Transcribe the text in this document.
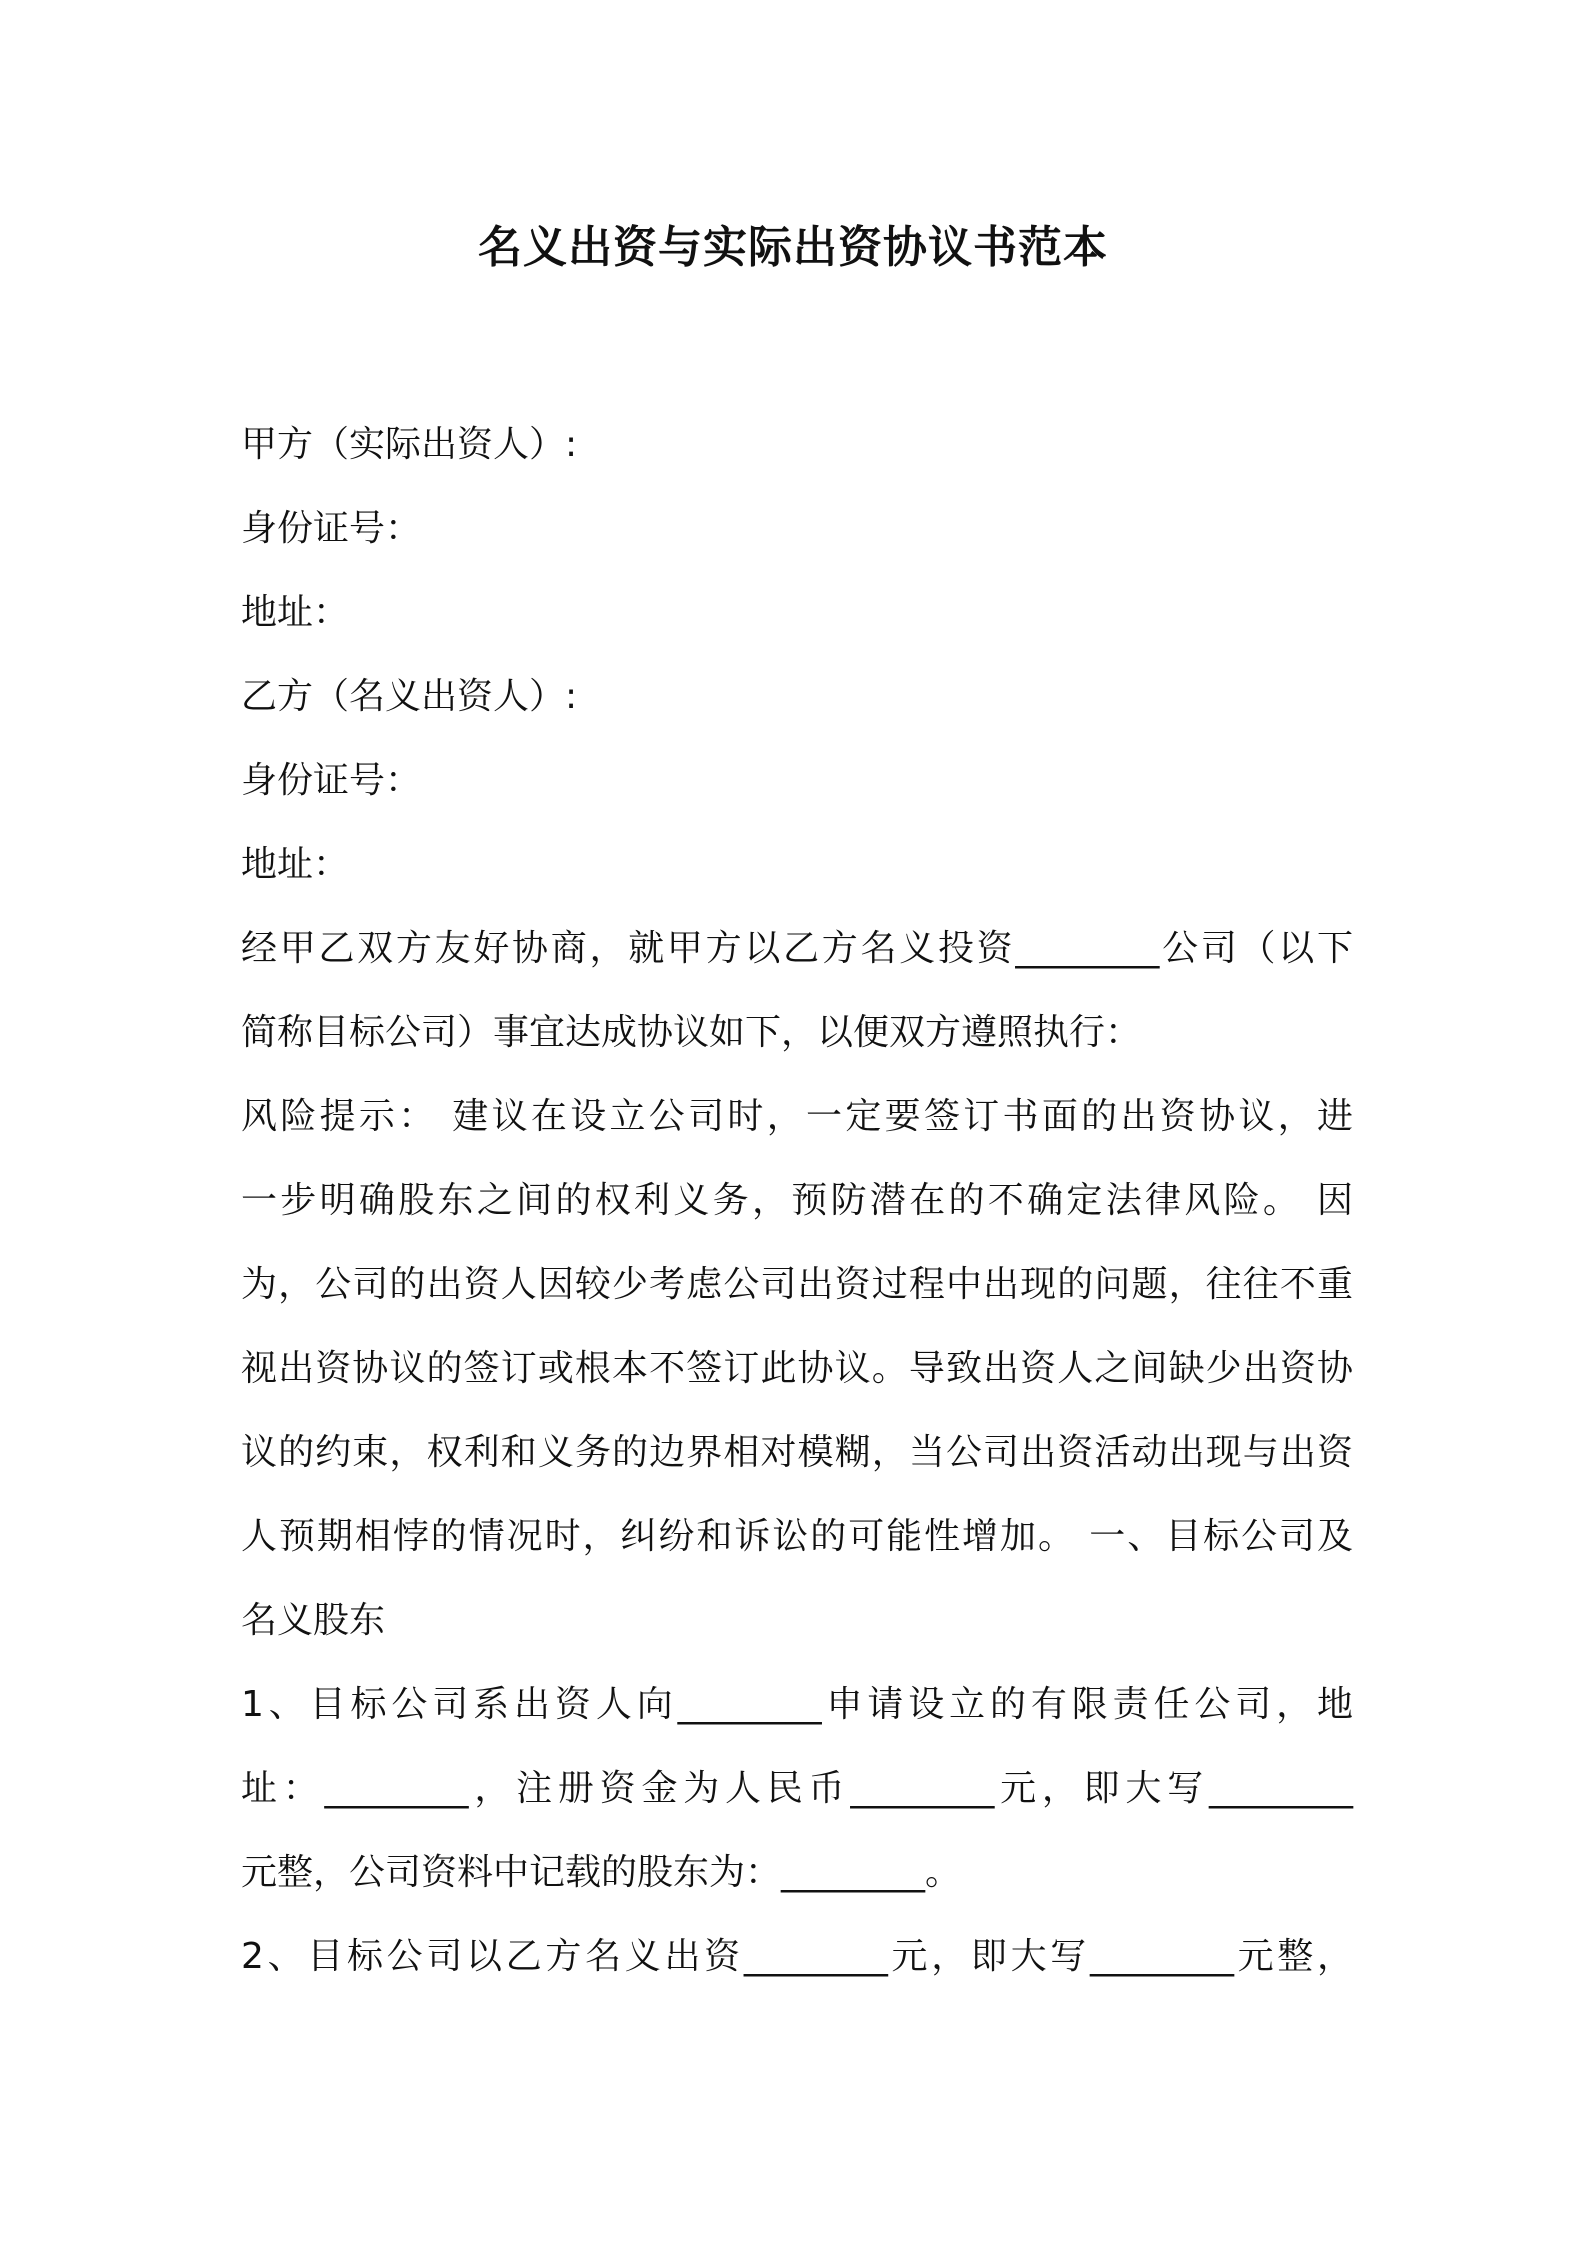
名义出资与实际出资协议书范本
甲方（实际出资人）:
身份证号：
地址：
乙方（名义出资人）:
身份证号：
地址：
经甲乙双方友好协商，就甲方以乙方名义投资________公司（以下
简称目标公司）事宜达成协议如下，以便双方遵照执行：
风险提示： 建议在设立公司时，一定要签订书面的出资协议，进
一步明确股东之间的权利义务，预防潜在的不确定法律风险。 因
为，公司的出资人因较少考虑公司出资过程中出现的问题，往往不重
视出资协议的签订或根本不签订此协议。导致出资人之间缺少出资协
议的约束，权利和义务的边界相对模糊，当公司出资活动出现与出资
人预期相悖的情况时，纠纷和诉讼的可能性增加。 一、目标公司及
名义股东
1、目标公司系出资人向________申请设立的有限责任公司，地
址：________，注册资金为人民币________元，即大写________
元整，公司资料中记载的股东为：________。
2、目标公司以乙方名义出资________元，即大写________元整，
